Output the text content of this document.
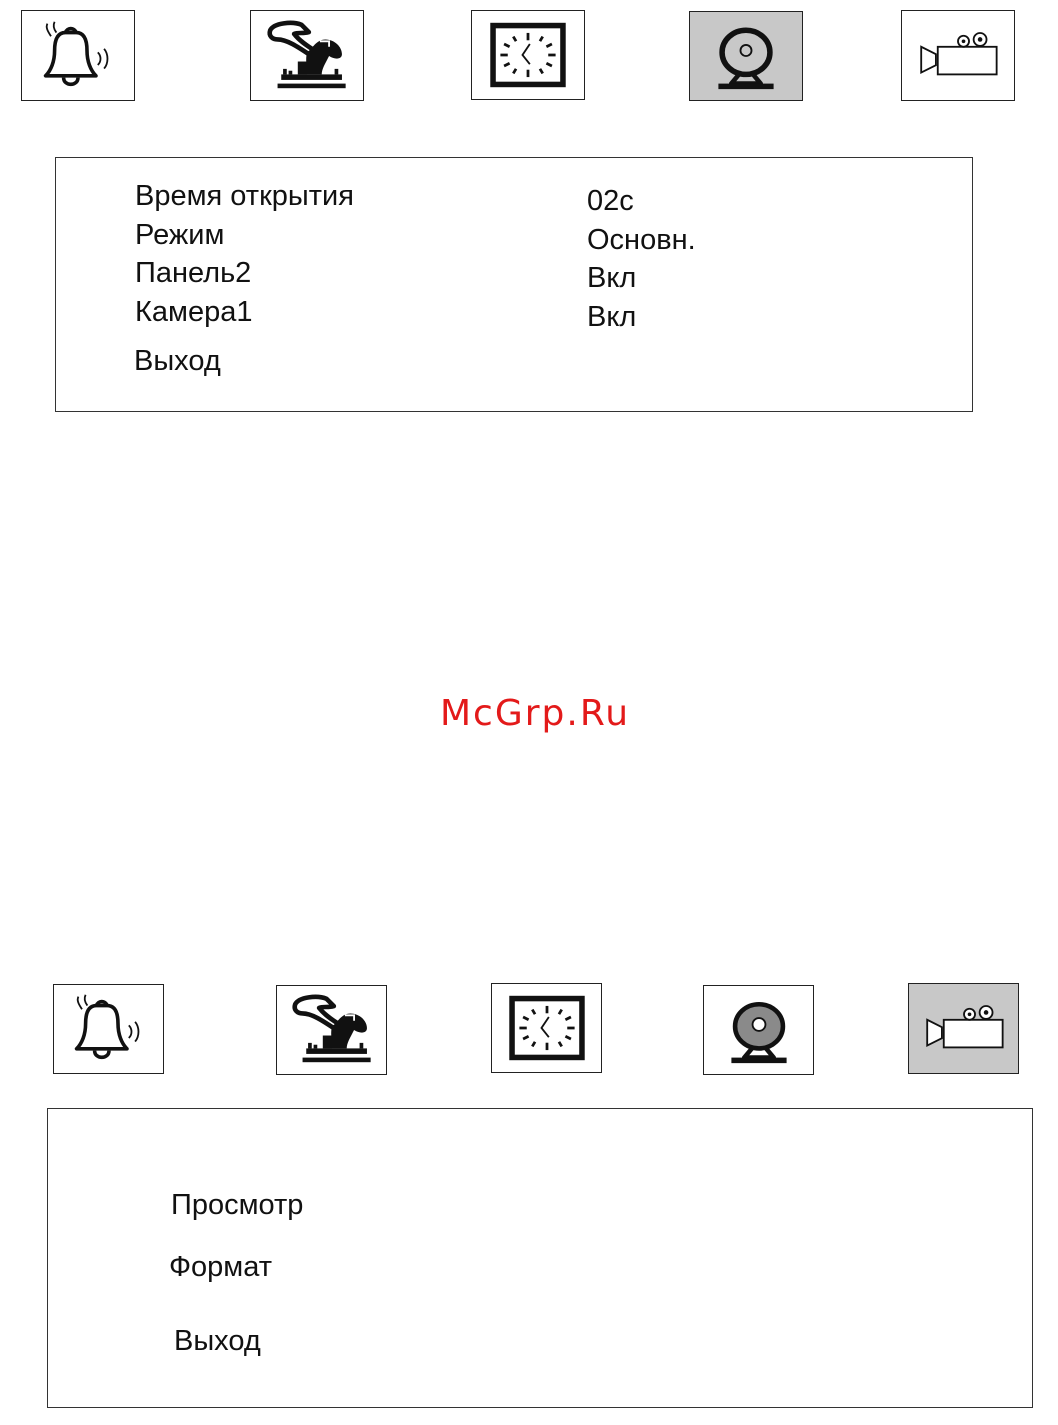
Время открытия	02c
Режим	Основн.
Панель2	Вкл
Камера1	Вкл
Выход
McGrp.Ru
Просмотр
Формат
Выход
